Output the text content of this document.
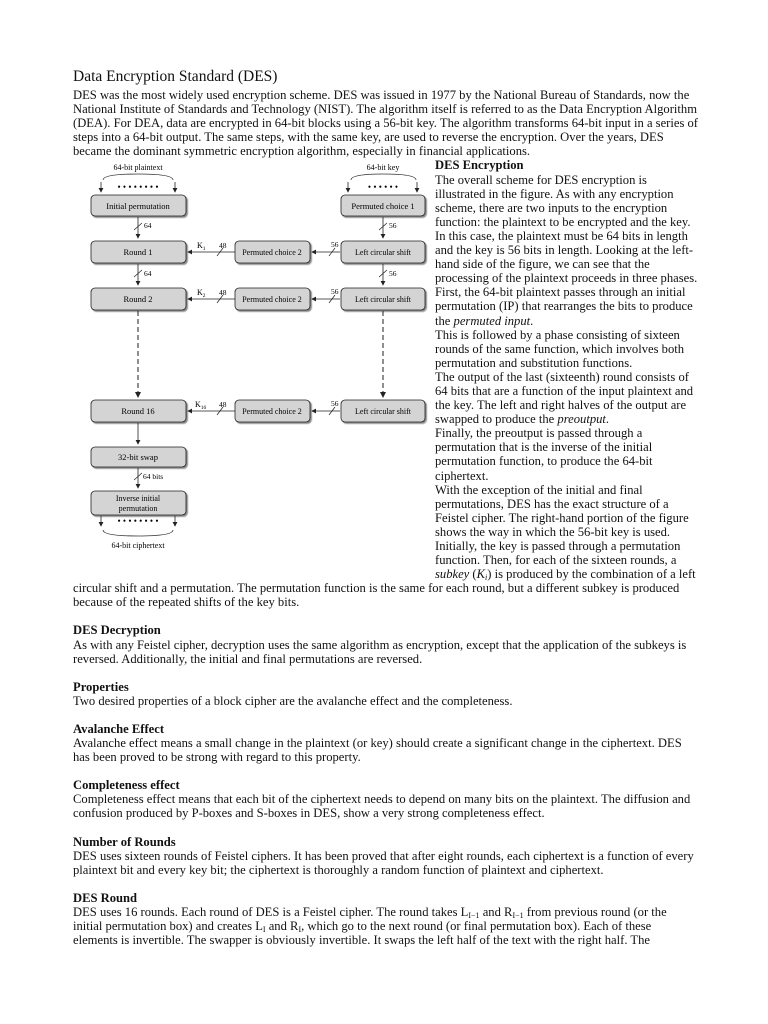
Data Encryption Standard (DES)

DES was the most widely used encryption scheme. DES was issued in 1977 by the National Bureau of Standards, now the National Institute of Standards and Technology (NIST). The algorithm itself is referred to as the Data Encryption Algorithm (DEA). For DEA, data are encrypted in 64-bit blocks using a 56-bit key. The algorithm transforms 64-bit input in a series of steps into a 64-bit output. The same steps, with the same key, are used to reverse the encryption. Over the years, DES became the dominant symmetric encryption algorithm, especially in financial applications.

64-bit plaintext
• • • • • • • •
64-bit key
• • • • • •
Initial permutation	Permuted choice 1
64	56
Round 1	Permuted choice 2	Left circular shift
$K_1$ 48	56
64	56
Round 2	Permuted choice 2	Left circular shift
$K_2$ 48	56
Round 16	Permuted choice 2	Left circular shift
$K_{16}$ 48	56
32-bit swap
64 bits
Inverse initial
permutation
• • • • • • • •
64-bit ciphertext

DES Encryption

The overall scheme for DES encryption is illustrated in the figure. As with any encryption scheme, there are two inputs to the encryption function: the plaintext to be encrypted and the key. In this case, the plaintext must be 64 bits in length and the key is 56 bits in length. Looking at the left-hand side of the figure, we can see that the processing of the plaintext proceeds in three phases.

First, the 64-bit plaintext passes through an initial permutation (IP) that rearranges the bits to produce the permuted input.

This is followed by a phase consisting of sixteen rounds of the same function, which involves both permutation and substitution functions.

The output of the last (sixteenth) round consists of 64 bits that are a function of the input plaintext and the key. The left and right halves of the output are swapped to produce the preoutput.

Finally, the preoutput is passed through a permutation that is the inverse of the initial permutation function, to produce the 64-bit ciphertext.

With the exception of the initial and final permutations, DES has the exact structure of a Feistel cipher. The right-hand portion of the figure shows the way in which the 56-bit key is used. Initially, the key is passed through a permutation function. Then, for each of the sixteen rounds, a subkey $(K_i)$ is produced by the combination of a left circular shift and a permutation. The permutation function is the same for each round, but a different subkey is produced because of the repeated shifts of the key bits.

DES Decryption

As with any Feistel cipher, decryption uses the same algorithm as encryption, except that the application of the subkeys is reversed. Additionally, the initial and final permutations are reversed.

Properties

Two desired properties of a block cipher are the avalanche effect and the completeness.

Avalanche Effect

Avalanche effect means a small change in the plaintext (or key) should create a significant change in the ciphertext. DES has been proved to be strong with regard to this property.

Completeness effect

Completeness effect means that each bit of the ciphertext needs to depend on many bits on the plaintext. The diffusion and confusion produced by P-boxes and S-boxes in DES, show a very strong completeness effect.

Number of Rounds

DES uses sixteen rounds of Feistel ciphers. It has been proved that after eight rounds, each ciphertext is a function of every plaintext bit and every key bit; the ciphertext is thoroughly a random function of plaintext and ciphertext.

DES Round

DES uses 16 rounds. Each round of DES is a Feistel cipher. The round takes $L_{I-1}$ and $R_{I-1}$ from previous round (or the initial permutation box) and creates $L_I$ and $R_I$, which go to the next round (or final permutation box). Each of these elements is invertible. The swapper is obviously invertible. It swaps the left half of the text with the right half. The
